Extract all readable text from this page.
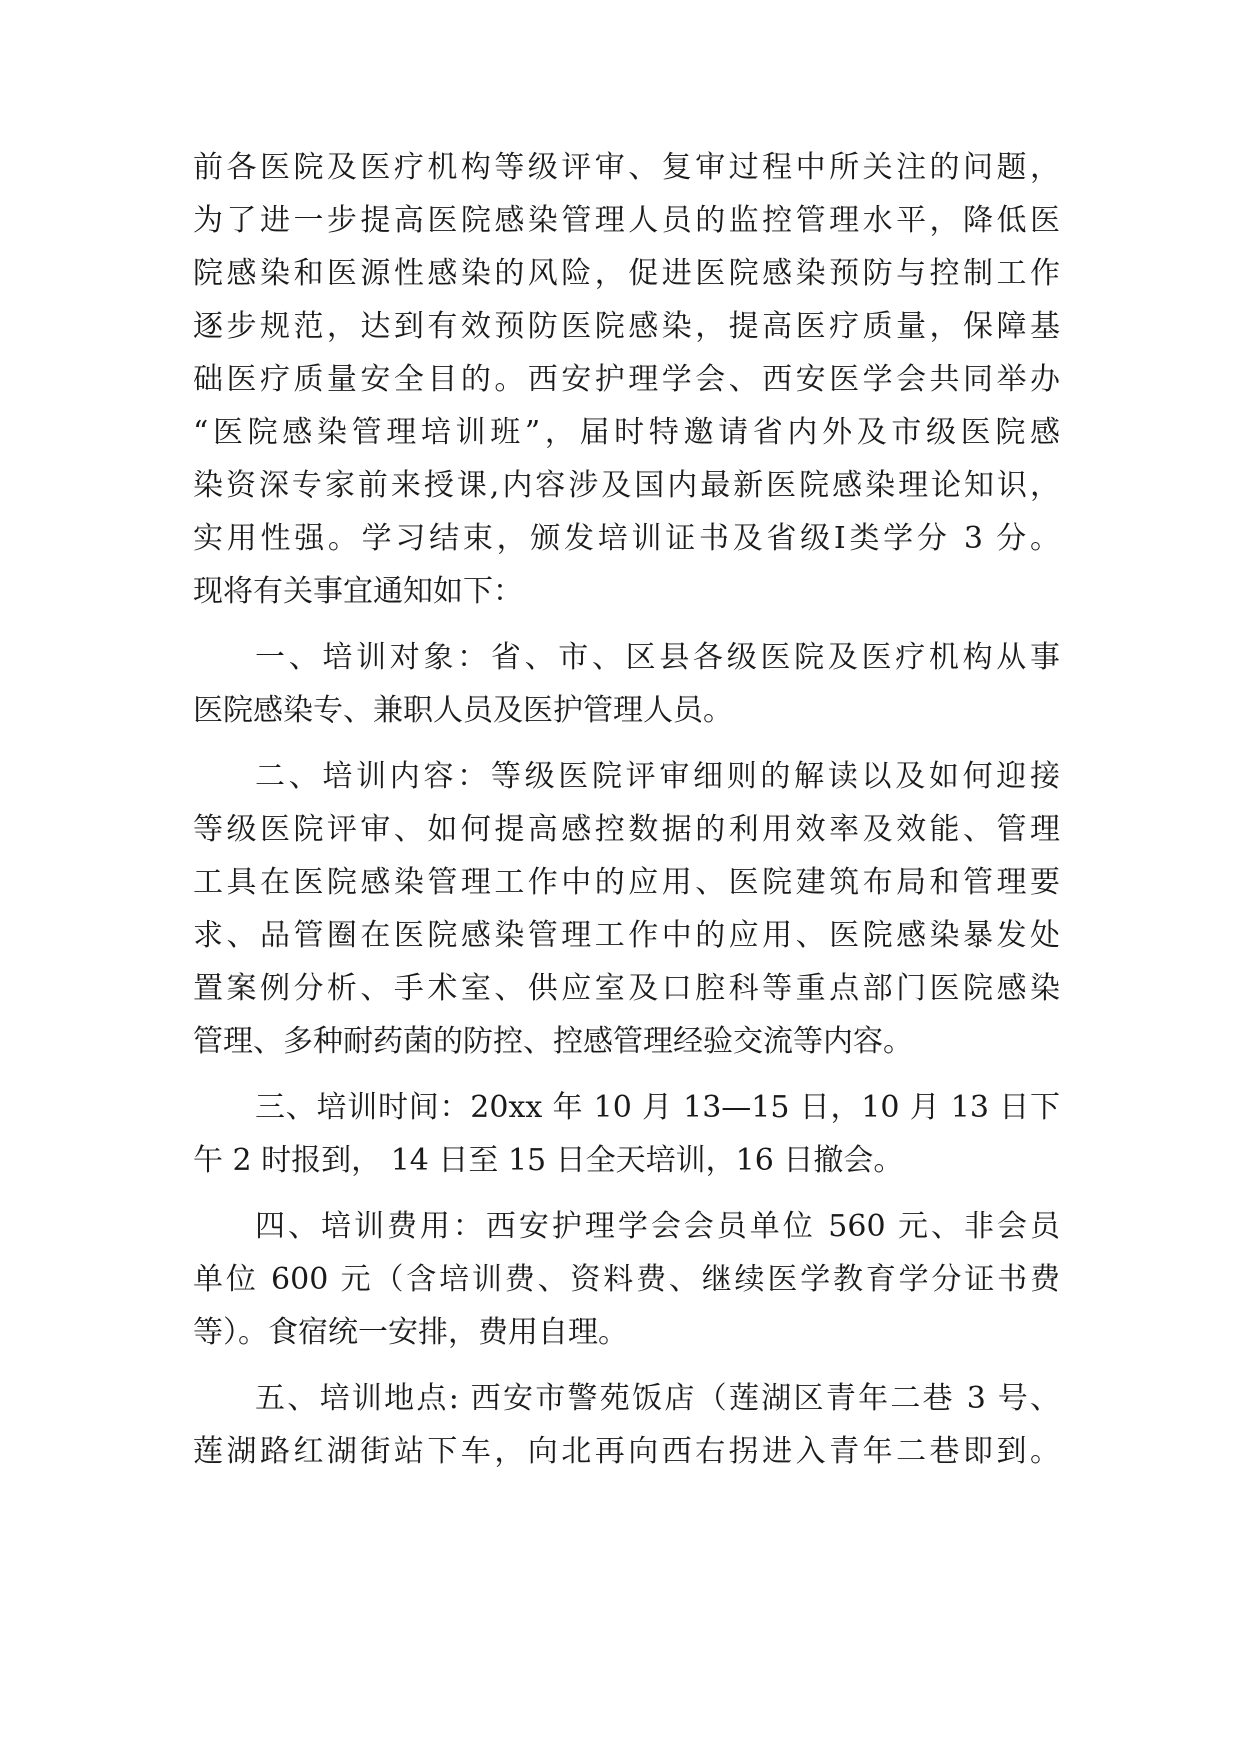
前各医院及医疗机构等级评审、复审过程中所关注的问题，
为了进一步提高医院感染管理人员的监控管理水平，降低医
院感染和医源性感染的风险，促进医院感染预防与控制工作
逐步规范，达到有效预防医院感染，提高医疗质量，保障基
础医疗质量安全目的。西安护理学会、西安医学会共同举办
“医院感染管理培训班”，届时特邀请省内外及市级医院感
染资深专家前来授课,内容涉及国内最新医院感染理论知识，
实用性强。学习结束，颁发培训证书及省级Ⅰ类学分 3 分。
现将有关事宜通知如下：
一、培训对象：省、市、区县各级医院及医疗机构从事
医院感染专、兼职人员及医护管理人员。
二、培训内容：等级医院评审细则的解读以及如何迎接
等级医院评审、如何提高感控数据的利用效率及效能、管理
工具在医院感染管理工作中的应用、医院建筑布局和管理要
求、品管圈在医院感染管理工作中的应用、医院感染暴发处
置案例分析、手术室、供应室及口腔科等重点部门医院感染
管理、多种耐药菌的防控、控感管理经验交流等内容。
三、培训时间：20xx 年 10 月 13—15 日，10 月 13 日下
午 2 时报到， 14 日至 15 日全天培训，16 日撤会。
四、培训费用：西安护理学会会员单位 560 元、非会员
单位 600 元（含培训费、资料费、继续医学教育学分证书费
等）。食宿统一安排，费用自理。
五、培训地点: 西安市警苑饭店（莲湖区青年二巷 3 号、
莲湖路红湖街站下车，向北再向西右拐进入青年二巷即到。
